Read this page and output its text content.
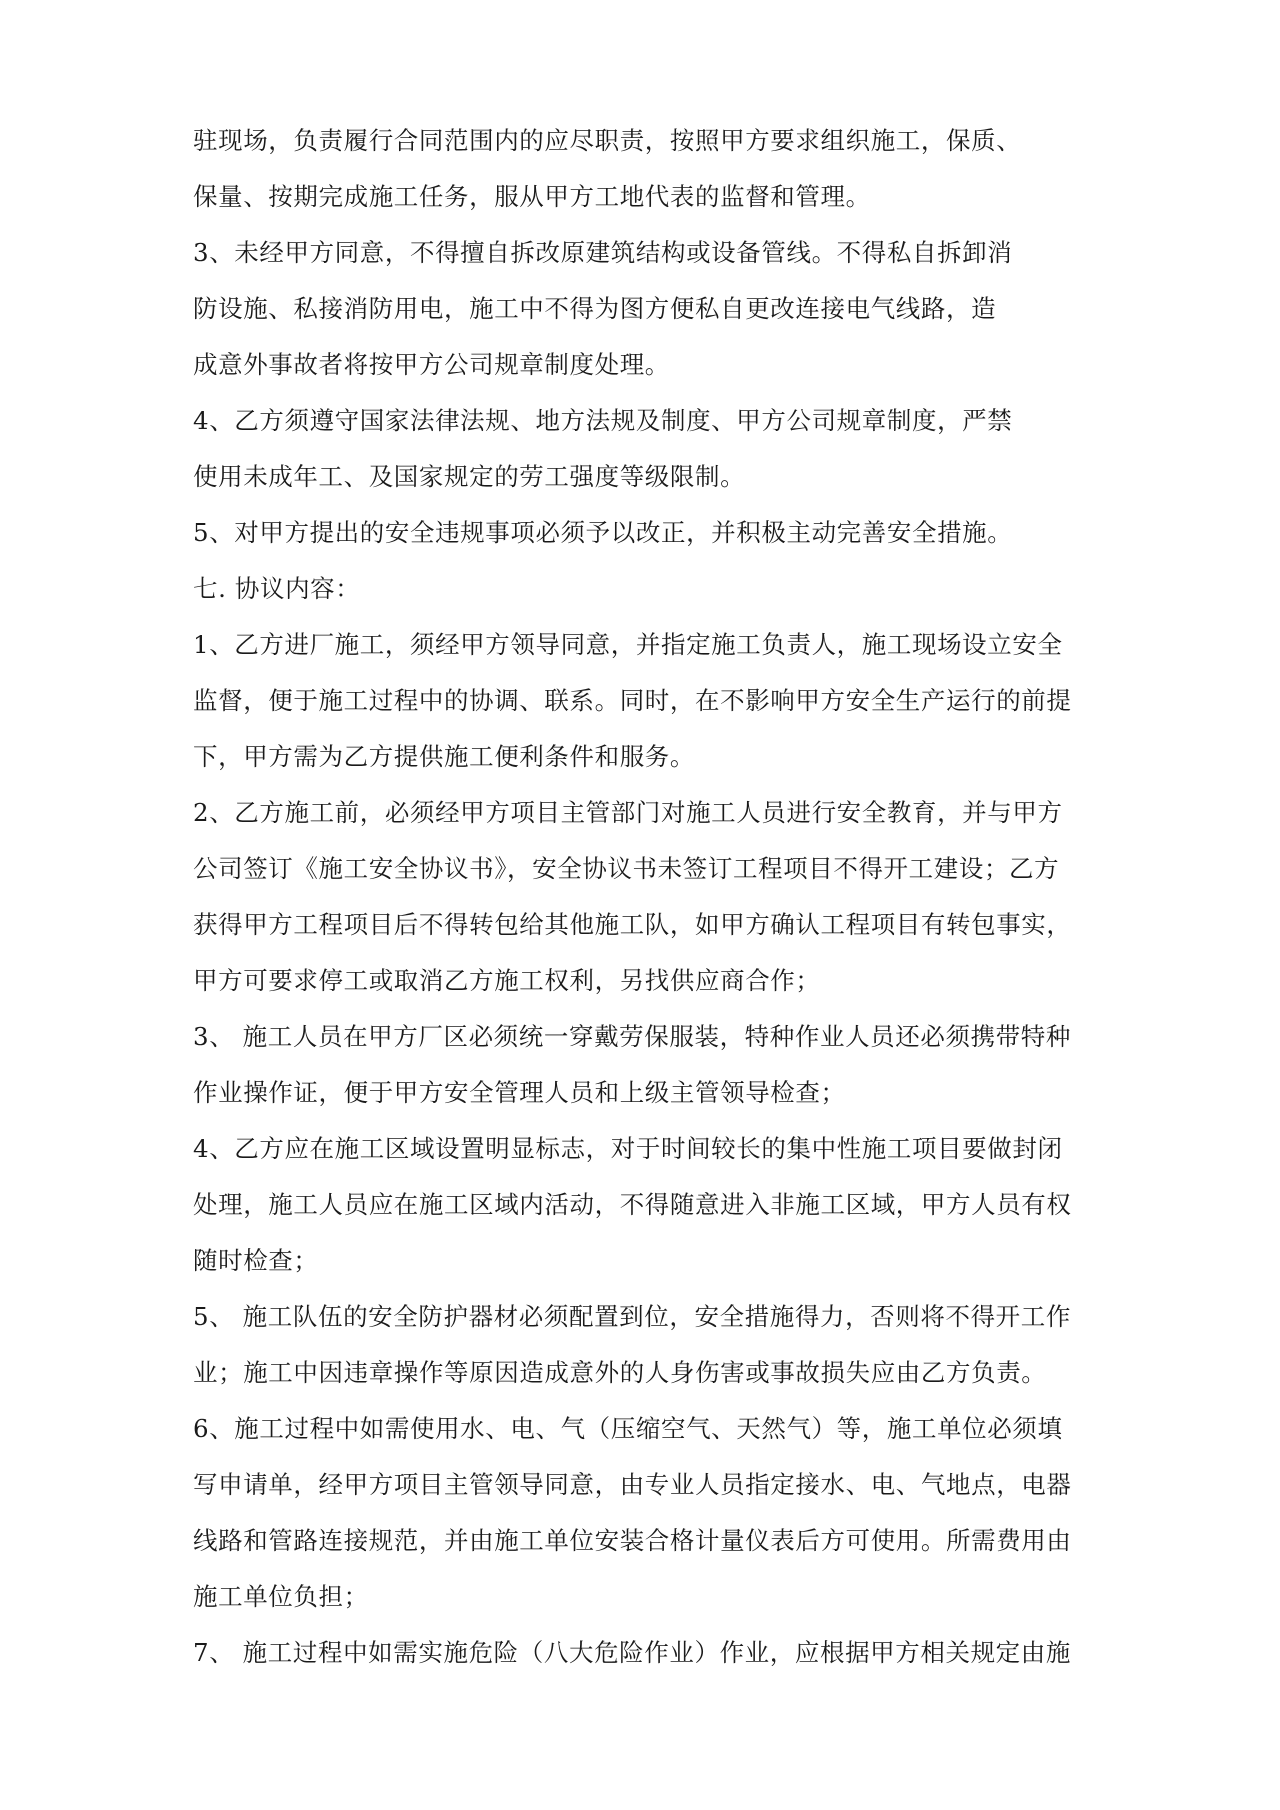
驻现场，负责履行合同范围内的应尽职责，按照甲方要求组织施工，保质、
保量、按期完成施工任务，服从甲方工地代表的监督和管理。
3、未经甲方同意，不得擅自拆改原建筑结构或设备管线。不得私自拆卸消
防设施、私接消防用电，施工中不得为图方便私自更改连接电气线路，造
成意外事故者将按甲方公司规章制度处理。
4、乙方须遵守国家法律法规、地方法规及制度、甲方公司规章制度，严禁
使用未成年工、及国家规定的劳工强度等级限制。
5、对甲方提出的安全违规事项必须予以改正，并积极主动完善安全措施。
七. 协议内容：
1、乙方进厂施工，须经甲方领导同意，并指定施工负责人，施工现场设立安全
监督，便于施工过程中的协调、联系。同时，在不影响甲方安全生产运行的前提
下，甲方需为乙方提供施工便利条件和服务。
2、乙方施工前，必须经甲方项目主管部门对施工人员进行安全教育，并与甲方
公司签订《施工安全协议书》，安全协议书未签订工程项目不得开工建设；乙方
获得甲方工程项目后不得转包给其他施工队，如甲方确认工程项目有转包事实，
甲方可要求停工或取消乙方施工权利，另找供应商合作；
3、 施工人员在甲方厂区必须统一穿戴劳保服装，特种作业人员还必须携带特种
作业操作证，便于甲方安全管理人员和上级主管领导检查；
4、乙方应在施工区域设置明显标志，对于时间较长的集中性施工项目要做封闭
处理，施工人员应在施工区域内活动，不得随意进入非施工区域，甲方人员有权
随时检查；
5、 施工队伍的安全防护器材必须配置到位，安全措施得力，否则将不得开工作
业；施工中因违章操作等原因造成意外的人身伤害或事故损失应由乙方负责。
6、施工过程中如需使用水、电、气（压缩空气、天然气）等，施工单位必须填
写申请单，经甲方项目主管领导同意，由专业人员指定接水、电、气地点，电器
线路和管路连接规范，并由施工单位安装合格计量仪表后方可使用。所需费用由
施工单位负担；
7、 施工过程中如需实施危险（八大危险作业）作业，应根据甲方相关规定由施
